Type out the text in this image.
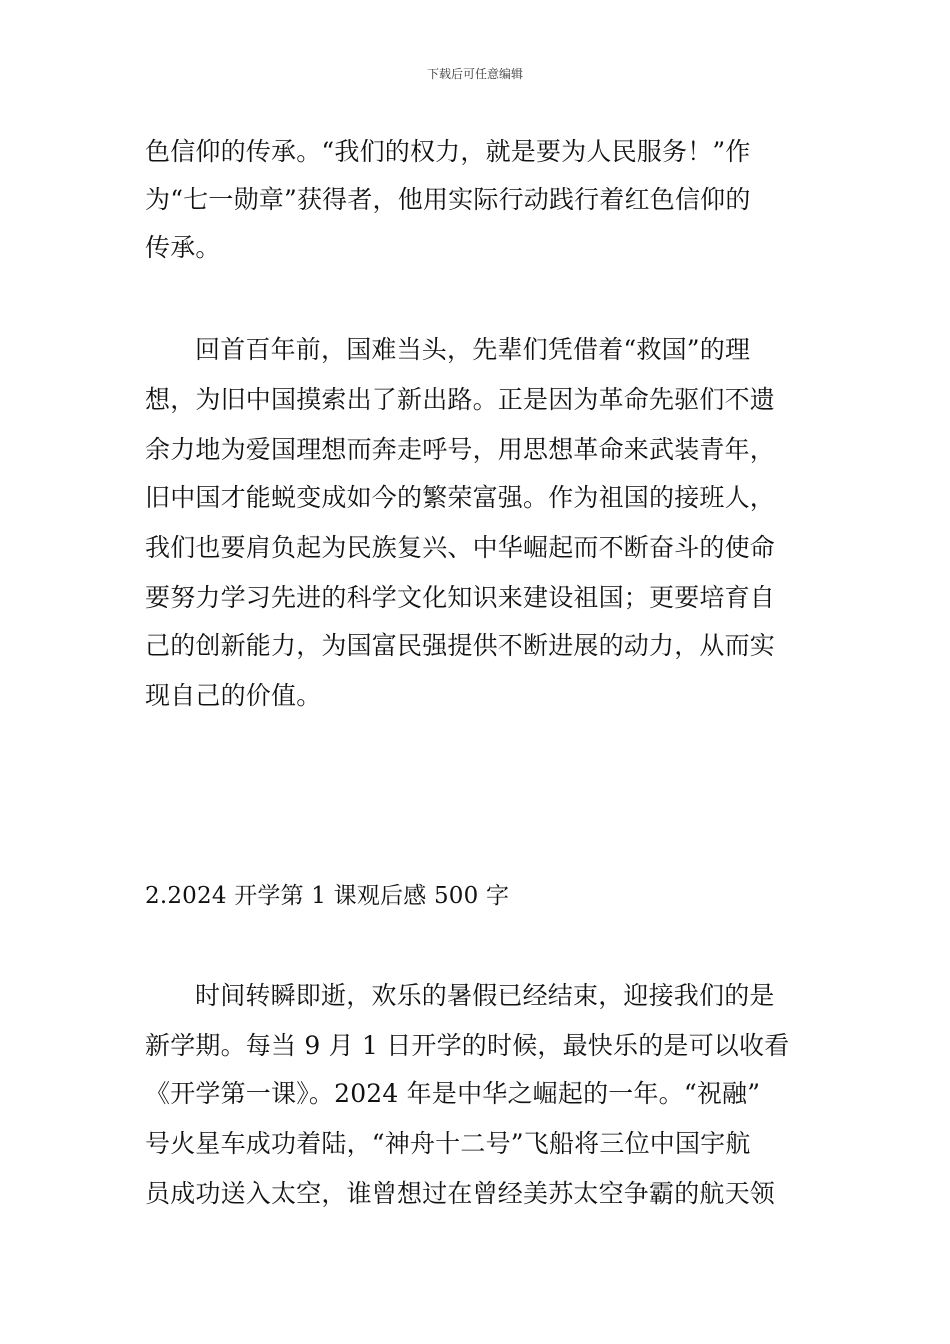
下载后可任意编辑
色信仰的传承。“我们的权力，就是要为人民服务！”作
为“七一勋章”获得者，他用实际行动践行着红色信仰的
传承。
回首百年前，国难当头，先辈们凭借着“救国”的理
想，为旧中国摸索出了新出路。正是因为革命先驱们不遗
余力地为爱国理想而奔走呼号，用思想革命来武装青年，
旧中国才能蜕变成如今的繁荣富强。作为祖国的接班人，
我们也要肩负起为民族复兴、中华崛起而不断奋斗的使命
要努力学习先进的科学文化知识来建设祖国；更要培育自
己的创新能力，为国富民强提供不断进展的动力，从而实
现自己的价值。
2.2024 开学第 1 课观后感 500 字
时间转瞬即逝，欢乐的暑假已经结束，迎接我们的是
新学期。每当 9 月 1 日开学的时候，最快乐的是可以收看
《开学第一课》。2024 年是中华之崛起的一年。“祝融”
号火星车成功着陆，“神舟十二号”飞船将三位中国宇航
员成功送入太空，谁曾想过在曾经美苏太空争霸的航天领
